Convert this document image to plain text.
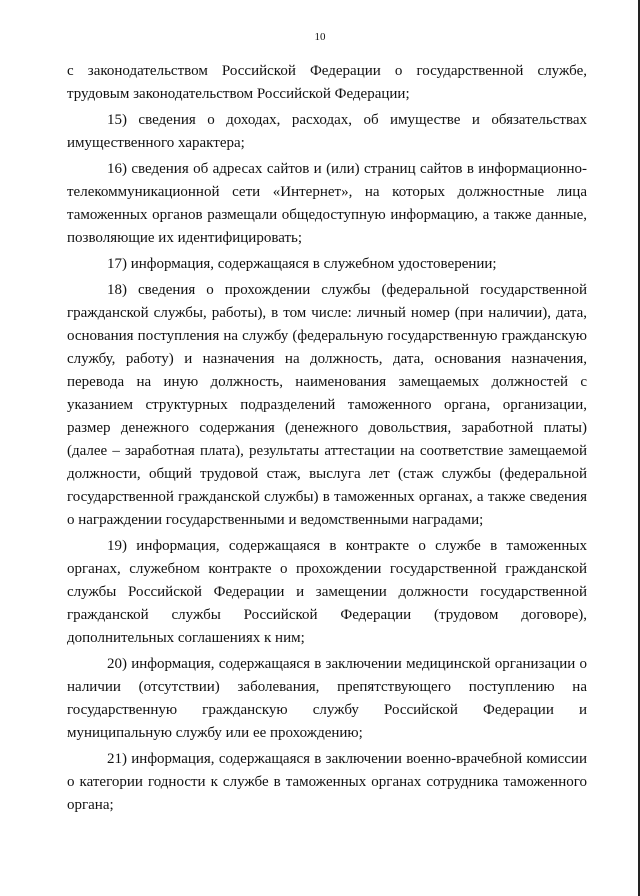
10

с законодательством Российской Федерации о государственной службе, трудовым законодательством Российской Федерации;

15) сведения о доходах, расходах, об имуществе и обязательствах имущественного характера;

16) сведения об адресах сайтов и (или) страниц сайтов в информационно-телекоммуникационной сети «Интернет», на которых должностные лица таможенных органов размещали общедоступную информацию, а также данные, позволяющие их идентифицировать;

17) информация, содержащаяся в служебном удостоверении;

18) сведения о прохождении службы (федеральной государственной гражданской службы, работы), в том числе: личный номер (при наличии), дата, основания поступления на службу (федеральную государственную гражданскую службу, работу) и назначения на должность, дата, основания назначения, перевода на иную должность, наименования замещаемых должностей с указанием структурных подразделений таможенного органа, организации, размер денежного содержания (денежного довольствия, заработной платы) (далее – заработная плата), результаты аттестации на соответствие замещаемой должности, общий трудовой стаж, выслуга лет (стаж службы (федеральной государственной гражданской службы) в таможенных органах, а также сведения о награждении государственными и ведомственными наградами;

19) информация, содержащаяся в контракте о службе в таможенных органах, служебном контракте о прохождении государственной гражданской службы Российской Федерации и замещении должности государственной гражданской службы Российской Федерации (трудовом договоре), дополнительных соглашениях к ним;

20) информация, содержащаяся в заключении медицинской организации о наличии (отсутствии) заболевания, препятствующего поступлению на государственную гражданскую службу Российской Федерации и муниципальную службу или ее прохождению;

21) информация, содержащаяся в заключении военно-врачебной комиссии о категории годности к службе в таможенных органах сотрудника таможенного органа;
